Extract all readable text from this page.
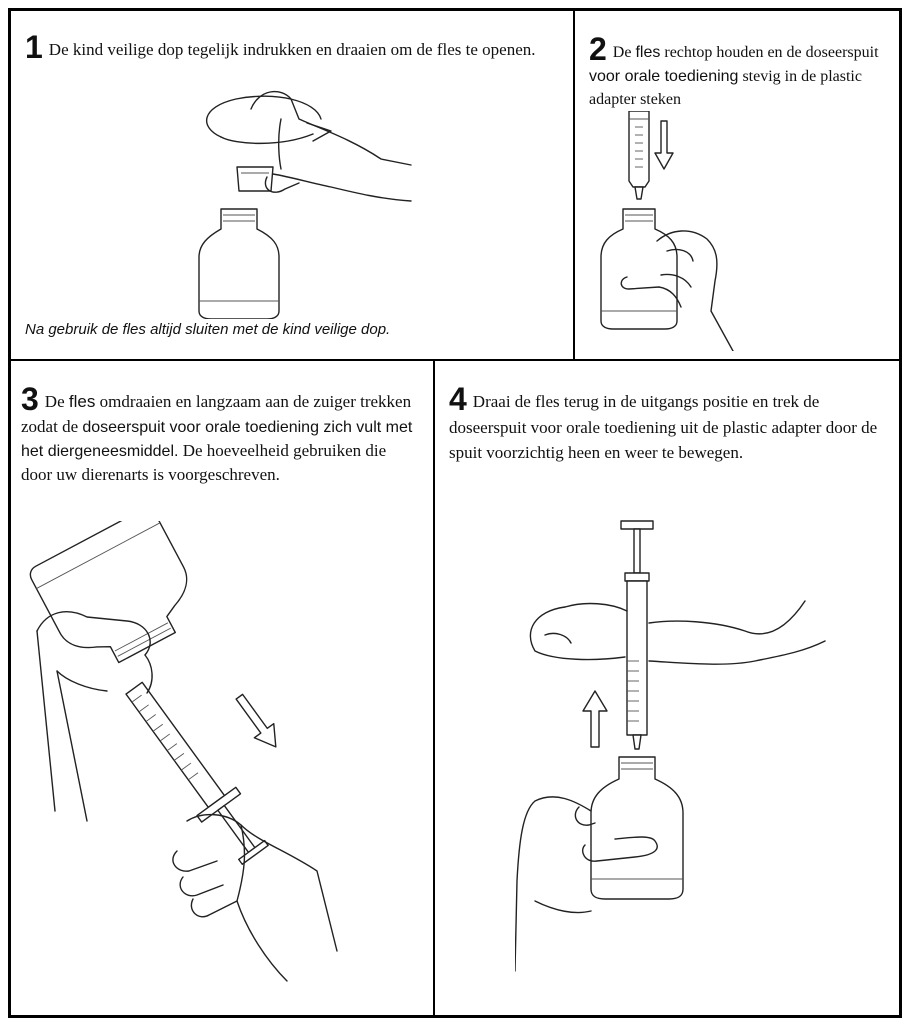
1 De kind veilige dop tegelijk indrukken en draaien om de fles te openen.
Na gebruik de fles altijd sluiten met de kind veilige dop.
2 De fles rechtop houden en de doseerspuit voor orale toediening stevig in de plastic adapter steken
3 De fles omdraaien en langzaam aan de zuiger trekken zodat de doseerspuit voor orale toediening zich vult met het diergeneesmiddel. De hoeveelheid gebruiken die door uw dierenarts is voorgeschreven.
4 Draai de fles terug in de uitgangs positie en trek de doseerspuit voor orale toediening uit de plastic adapter door de spuit voorzichtig heen en weer te bewegen.
